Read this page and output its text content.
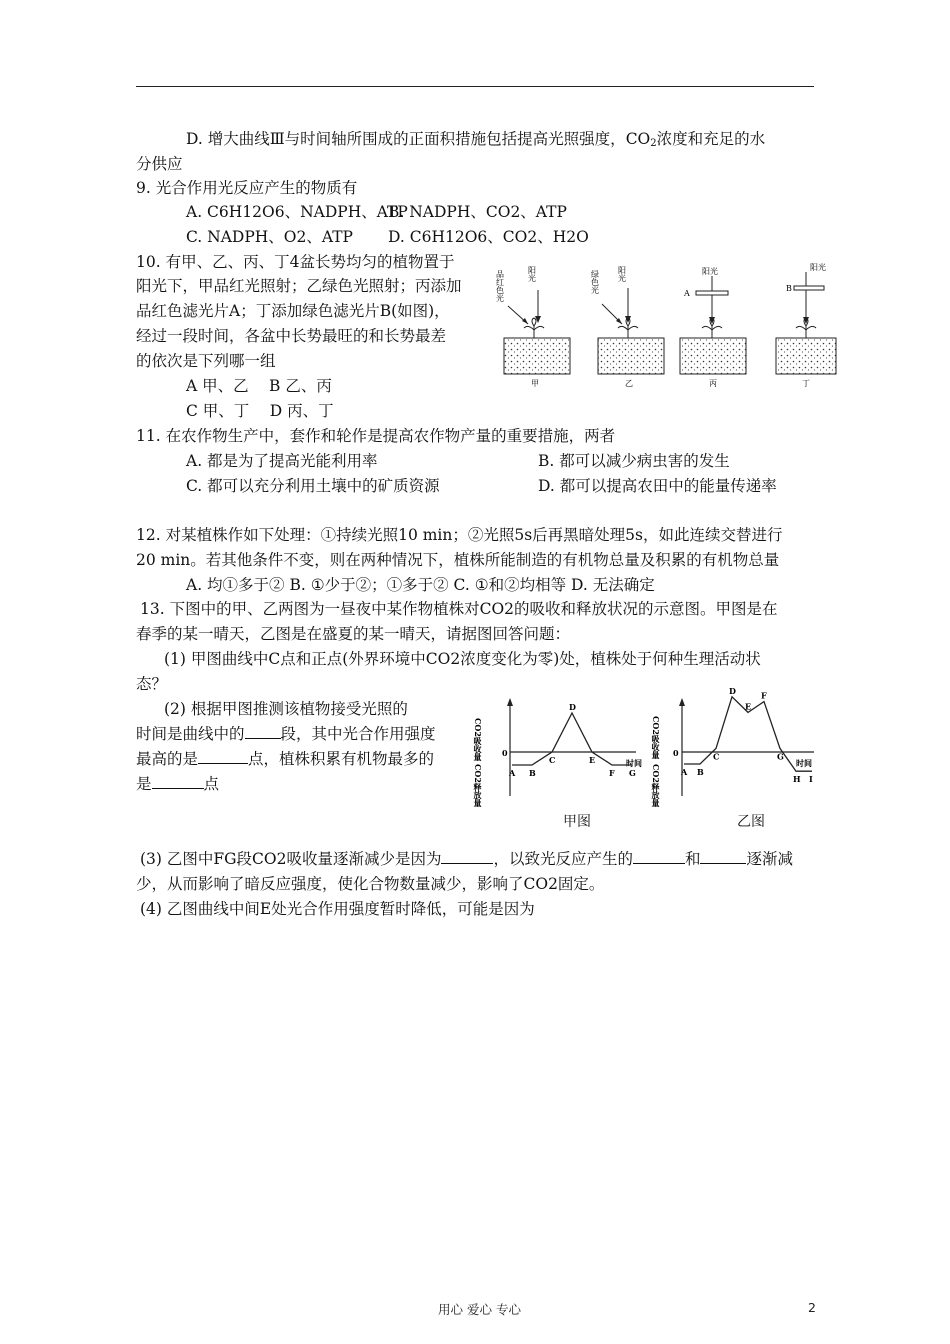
D. 增大曲线Ⅲ与时间轴所围成的正面积措施包括提高光照强度，$CO_2$浓度和充足的水
分供应
9. 光合作用光反应产生的物质有
A. C6H12O6、NADPH、ATP
B. NADPH、CO2、ATP
C. NADPH、O2、ATP D. C6H12O6、CO2、H2O
10. 有甲、乙、丙、丁4盆长势均匀的植物置于
阳光下，甲品红光照射；乙绿色光照射；丙添加
品红色滤光片A；丁添加绿色滤光片B(如图)，
经过一段时间，各盆中长势最旺的和长势最差
的依次是下列哪一组
A 甲、乙　 B 乙、丙
C 甲、丁　 D 丙、丁
品红色光	阳光
甲
绿色光 阳光
乙
阳光
A
丙
阳光
B
丁
11. 在农作物生产中，套作和轮作是提高农作物产量的重要措施，两者
A. 都是为了提高光能利用率	B. 都可以减少病虫害的发生
C. 都可以充分利用土壤中的矿质资源	D. 都可以提高农田中的能量传递率
12. 对某植株作如下处理：①持续光照10 min；②光照5s后再黑暗处理5s，如此连续交替进行
20 min。若其他条件不变，则在两种情况下，植株所能制造的有机物总量及积累的有机物总量
A. 均①多于② B. ①少于②；①多于② C. ①和②均相等 D. 无法确定
13. 下图中的甲、乙两图为一昼夜中某作物植株对CO2的吸收和释放状况的示意图。甲图是在
春季的某一晴天，乙图是在盛夏的某一晴天，请据图回答问题：
(1) 甲图曲线中C点和正点(外界环境中CO2浓度变化为零)处，植株处于何种生理活动状
态？
(2) 根据甲图推测该植物接受光照的
时间是曲线中的 段，其中光合作用强度
最高的是	点，植株积累有机物最多的
是	点
CO2吸收量
CO2释放量
0
时间
A B
C
D
E
F G
CO2吸收量
CO2释放量
0
时间
A B
C
D
E
F
G
H I
甲图	乙图
(3) 乙图中FG段CO2吸收量逐渐减少是因为	，以致光反应产生的	和	逐渐减
少，从而影响了暗反应强度，使化合物数量减少，影响了CO2固定。
(4) 乙图曲线中间E处光合作用强度暂时降低，可能是因为
用心 爱心 专心	2
